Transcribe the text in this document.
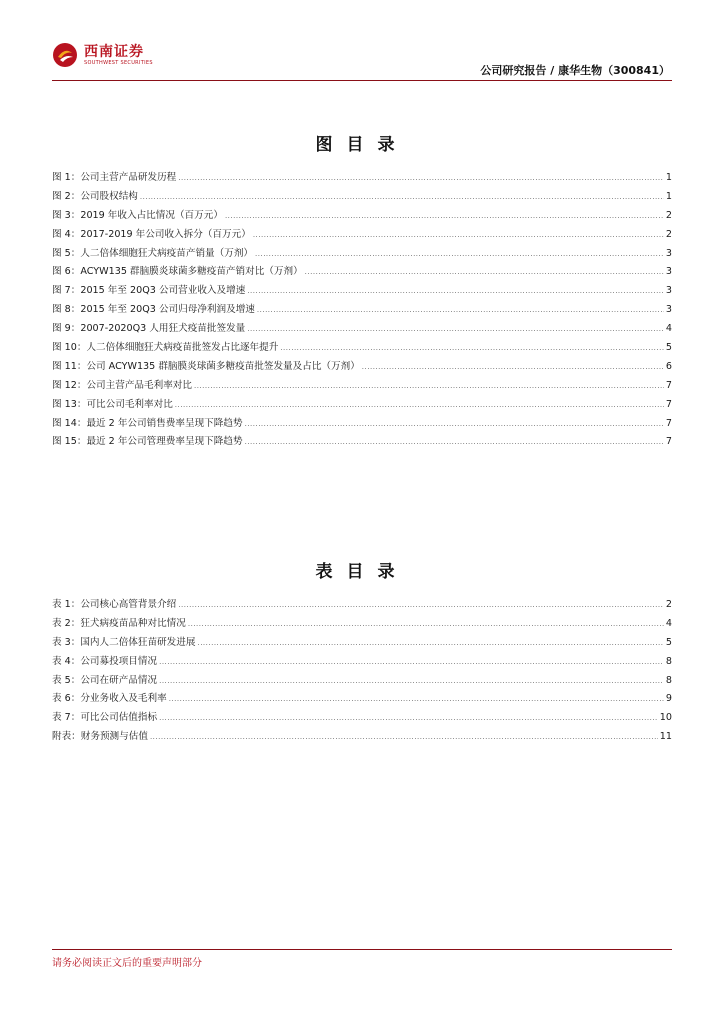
西南证券
SOUTHWEST SECURITIES
公司研究报告 / 康华生物（300841）
图目录
图 1：公司主营产品研发历程 .....	1
图 2：公司股权结构 .....	1
图 3：2019 年收入占比情况（百万元） .....	2
图 4：2017-2019 年公司收入拆分（百万元） .....	2
图 5：人二倍体细胞狂犬病疫苗产销量（万剂） .....	3
图 6：ACYW135 群脑膜炎球菌多糖疫苗产销对比（万剂） .....	3
图 7：2015 年至 20Q3 公司营业收入及增速 .....	3
图 8：2015 年至 20Q3 公司归母净利润及增速 .....	3
图 9：2007-2020Q3 人用狂犬疫苗批签发量 .....	4
图 10：人二倍体细胞狂犬病疫苗批签发占比逐年提升 .....	5
图 11：公司 ACYW135 群脑膜炎球菌多糖疫苗批签发量及占比（万剂） .....	6
图 12：公司主营产品毛利率对比 .....	7
图 13：可比公司毛利率对比 .....	7
图 14：最近 2 年公司销售费率呈现下降趋势 .....	7
图 15：最近 2 年公司管理费率呈现下降趋势 .....	7
表目录
表 1：公司核心高管背景介绍 .....	2
表 2：狂犬病疫苗品种对比情况 .....	4
表 3：国内人二倍体狂苗研发进展 .....	5
表 4：公司募投项目情况 .....	8
表 5：公司在研产品情况 .....	8
表 6：分业务收入及毛利率 .....	9
表 7：可比公司估值指标 .....	10
附表：财务预测与估值 .....	11
请务必阅读正文后的重要声明部分
